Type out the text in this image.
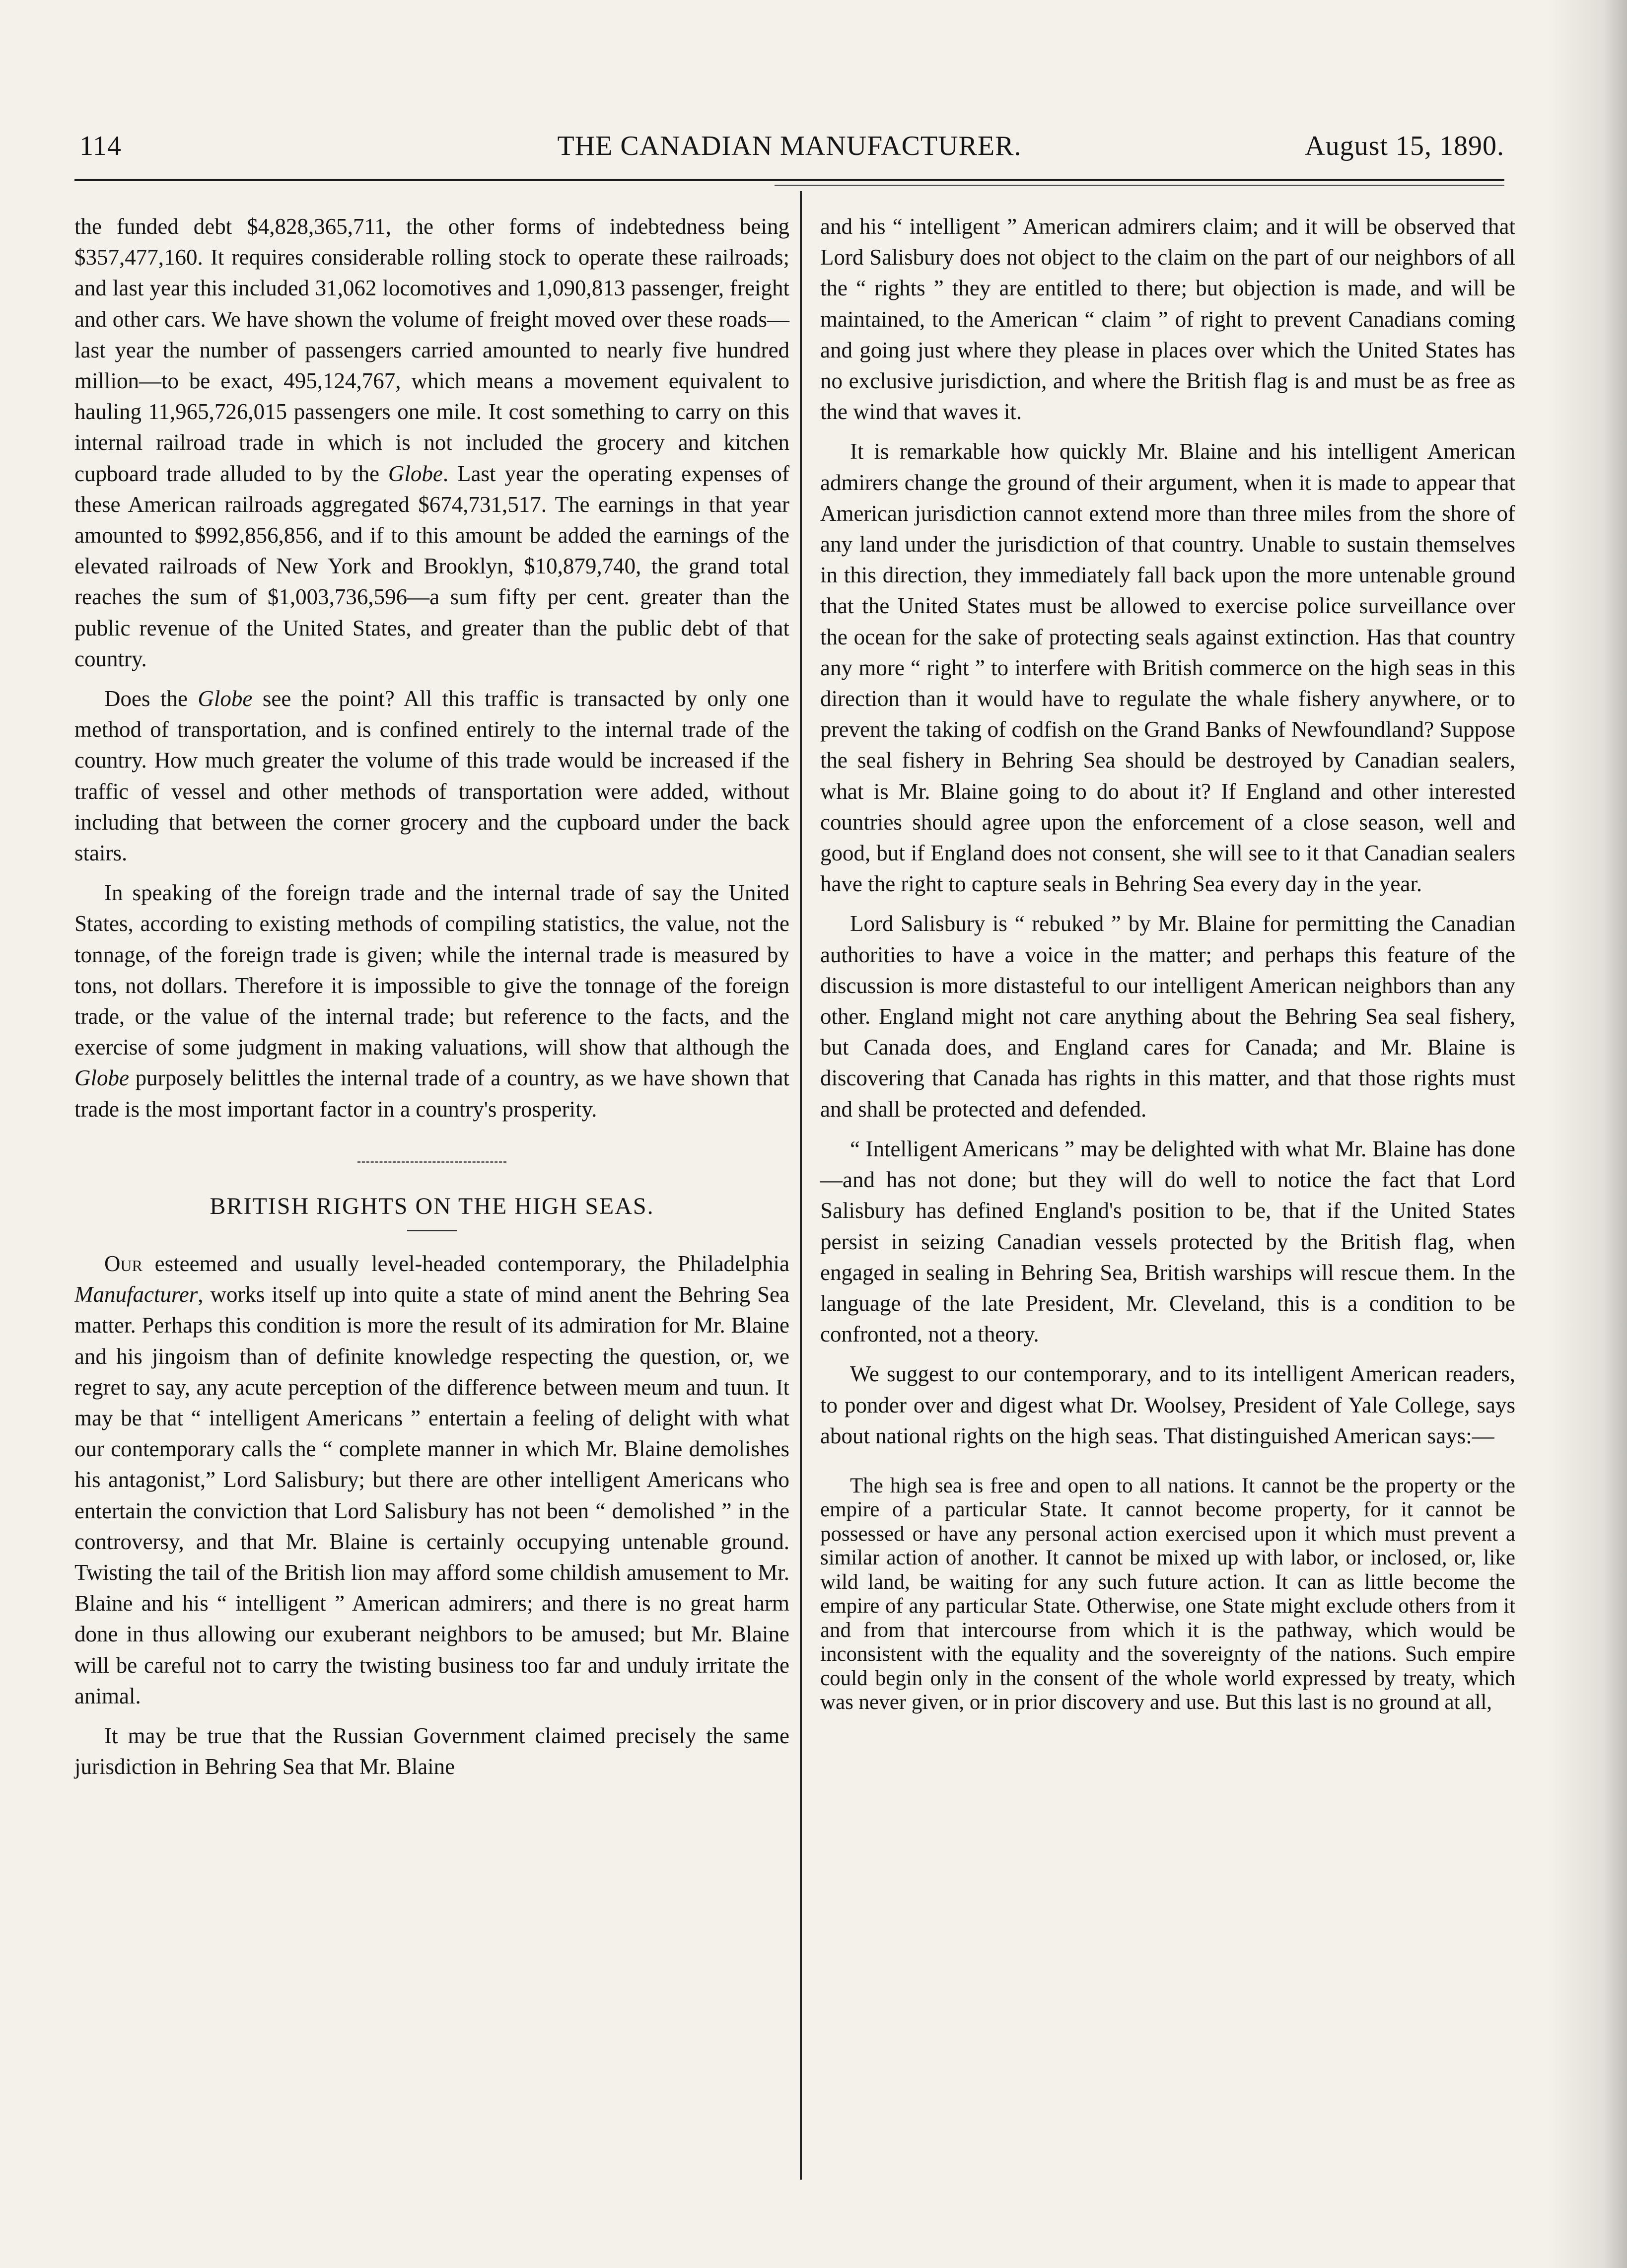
114	THE CANADIAN MANUFACTURER.	August 15, 1890.

the funded debt $4,828,365,711, the other forms of indebtedness being $357,477,160. It requires considerable rolling stock to operate these railroads; and last year this included 31,062 locomotives and 1,090,813 passenger, freight and other cars. We have shown the volume of freight moved over these roads—last year the number of passengers carried amounted to nearly five hundred million—to be exact, 495,124,767, which means a movement equivalent to hauling 11,965,726,015 passengers one mile. It cost something to carry on this internal railroad trade in which is not included the grocery and kitchen cupboard trade alluded to by the Globe. Last year the operating expenses of these American railroads aggregated $674,731,517. The earnings in that year amounted to $992,856,856, and if to this amount be added the earnings of the elevated railroads of New York and Brooklyn, $10,879,740, the grand total reaches the sum of $1,003,736,596—a sum fifty per cent. greater than the public revenue of the United States, and greater than the public debt of that country.

Does the Globe see the point? All this traffic is transacted by only one method of transportation, and is confined entirely to the internal trade of the country. How much greater the volume of this trade would be increased if the traffic of vessel and other methods of transportation were added, without including that between the corner grocery and the cupboard under the back stairs.

In speaking of the foreign trade and the internal trade of say the United States, according to existing methods of compiling statistics, the value, not the tonnage, of the foreign trade is given; while the internal trade is measured by tons, not dollars. Therefore it is impossible to give the tonnage of the foreign trade, or the value of the internal trade; but reference to the facts, and the exercise of some judgment in making valuations, will show that although the Globe purposely belittles the internal trade of a country, as we have shown that trade is the most important factor in a country's prosperity.

BRITISH RIGHTS ON THE HIGH SEAS.

Our esteemed and usually level-headed contemporary, the Philadelphia Manufacturer, works itself up into quite a state of mind anent the Behring Sea matter. Perhaps this condition is more the result of its admiration for Mr. Blaine and his jingoism than of definite knowledge respecting the question, or, we regret to say, any acute perception of the difference between meum and tuun. It may be that “ intelligent Americans ” entertain a feeling of delight with what our contemporary calls the “ complete manner in which Mr. Blaine demolishes his antagonist,” Lord Salisbury; but there are other intelligent Americans who entertain the conviction that Lord Salisbury has not been “ demolished ” in the controversy, and that Mr. Blaine is certainly occupying untenable ground. Twisting the tail of the British lion may afford some childish amusement to Mr. Blaine and his “ intelligent ” American admirers; and there is no great harm done in thus allowing our exuberant neighbors to be amused; but Mr. Blaine will be careful not to carry the twisting business too far and unduly irritate the animal.

It may be true that the Russian Government claimed precisely the same jurisdiction in Behring Sea that Mr. Blaine

and his “ intelligent ” American admirers claim; and it will be observed that Lord Salisbury does not object to the claim on the part of our neighbors of all the “ rights ” they are entitled to there; but objection is made, and will be maintained, to the American “ claim ” of right to prevent Canadians coming and going just where they please in places over which the United States has no exclusive jurisdiction, and where the British flag is and must be as free as the wind that waves it.

It is remarkable how quickly Mr. Blaine and his intelligent American admirers change the ground of their argument, when it is made to appear that American jurisdiction cannot extend more than three miles from the shore of any land under the jurisdiction of that country. Unable to sustain themselves in this direction, they immediately fall back upon the more untenable ground that the United States must be allowed to exercise police surveillance over the ocean for the sake of protecting seals against extinction. Has that country any more “ right ” to interfere with British commerce on the high seas in this direction than it would have to regulate the whale fishery anywhere, or to prevent the taking of codfish on the Grand Banks of Newfoundland? Suppose the seal fishery in Behring Sea should be destroyed by Canadian sealers, what is Mr. Blaine going to do about it? If England and other interested countries should agree upon the enforcement of a close season, well and good, but if England does not consent, she will see to it that Canadian sealers have the right to capture seals in Behring Sea every day in the year.

Lord Salisbury is “ rebuked ” by Mr. Blaine for permitting the Canadian authorities to have a voice in the matter; and perhaps this feature of the discussion is more distasteful to our intelligent American neighbors than any other. England might not care anything about the Behring Sea seal fishery, but Canada does, and England cares for Canada; and Mr. Blaine is discovering that Canada has rights in this matter, and that those rights must and shall be protected and defended.

“ Intelligent Americans ” may be delighted with what Mr. Blaine has done—and has not done; but they will do well to notice the fact that Lord Salisbury has defined England's position to be, that if the United States persist in seizing Canadian vessels protected by the British flag, when engaged in sealing in Behring Sea, British warships will rescue them. In the language of the late President, Mr. Cleveland, this is a condition to be confronted, not a theory.

We suggest to our contemporary, and to its intelligent American readers, to ponder over and digest what Dr. Woolsey, President of Yale College, says about national rights on the high seas. That distinguished American says:—

The high sea is free and open to all nations. It cannot be the property or the empire of a particular State. It cannot become property, for it cannot be possessed or have any personal action exercised upon it which must prevent a similar action of another. It cannot be mixed up with labor, or inclosed, or, like wild land, be waiting for any such future action. It can as little become the empire of any particular State. Otherwise, one State might exclude others from it and from that intercourse from which it is the pathway, which would be inconsistent with the equality and the sovereignty of the nations. Such empire could begin only in the consent of the whole world expressed by treaty, which was never given, or in prior discovery and use. But this last is no ground at all,
